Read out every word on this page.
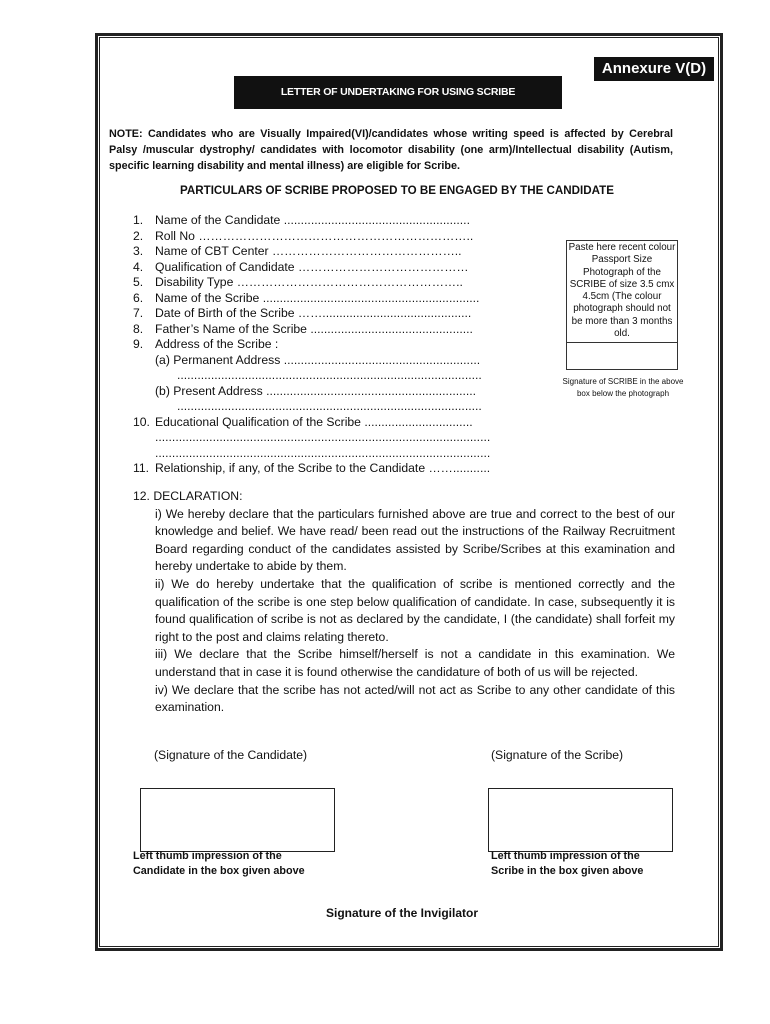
Annexure V(D)
LETTER OF UNDERTAKING FOR USING SCRIBE
NOTE: Candidates who are Visually Impaired(VI)/candidates whose writing speed is affected by Cerebral Palsy /muscular dystrophy/ candidates with locomotor disability (one arm)/Intellectual disability (Autism, specific learning disability and mental illness) are eligible for Scribe.
PARTICULARS OF SCRIBE PROPOSED TO BE ENGAGED BY THE CANDIDATE
1. Name of the Candidate .......................................................
2. Roll No …………………………………………………………..
3. Name of CBT Center ………………………………………..
4. Qualification of Candidate ……………………………………
5. Disability Type ………………………………………………..
6. Name of the Scribe ................................................................
7. Date of Birth of the Scribe ……............................................
8. Father’s Name of the Scribe ................................................
9. Address of the Scribe :
(a) Permanent Address ..........................................................
..........................................................................................
(b) Present Address ..............................................................
..........................................................................................
10. Educational Qualification of the Scribe ................................
...................................................................................................
...................................................................................................
11. Relationship, if any, of the Scribe to the Candidate ……...........
Paste here recent colour Passport Size Photograph of the SCRIBE of size 3.5 cmx 4.5cm (The colour photograph should not be more than 3 months old.
Signature of SCRIBE in the above box below the photograph
12. DECLARATION:
i) We hereby declare that the particulars furnished above are true and correct to the best of our knowledge and belief. We have read/ been read out the instructions of the Railway Recruitment Board regarding conduct of the candidates assisted by Scribe/Scribes at this examination and hereby undertake to abide by them.
ii) We do hereby undertake that the qualification of scribe is mentioned correctly and the qualification of the scribe is one step below qualification of candidate. In case, subsequently it is found qualification of scribe is not as declared by the candidate, I (the candidate) shall forfeit my right to the post and claims relating thereto.
iii) We declare that the Scribe himself/herself is not a candidate in this examination. We understand that in case it is found otherwise the candidature of both of us will be rejected.
iv) We declare that the scribe has not acted/will not act as Scribe to any other candidate of this examination.
(Signature of the Candidate)	(Signature of the Scribe)
Left thumb impression of the
Candidate in the box given above
Left thumb impression of the
Scribe in the box given above
Signature of the Invigilator
